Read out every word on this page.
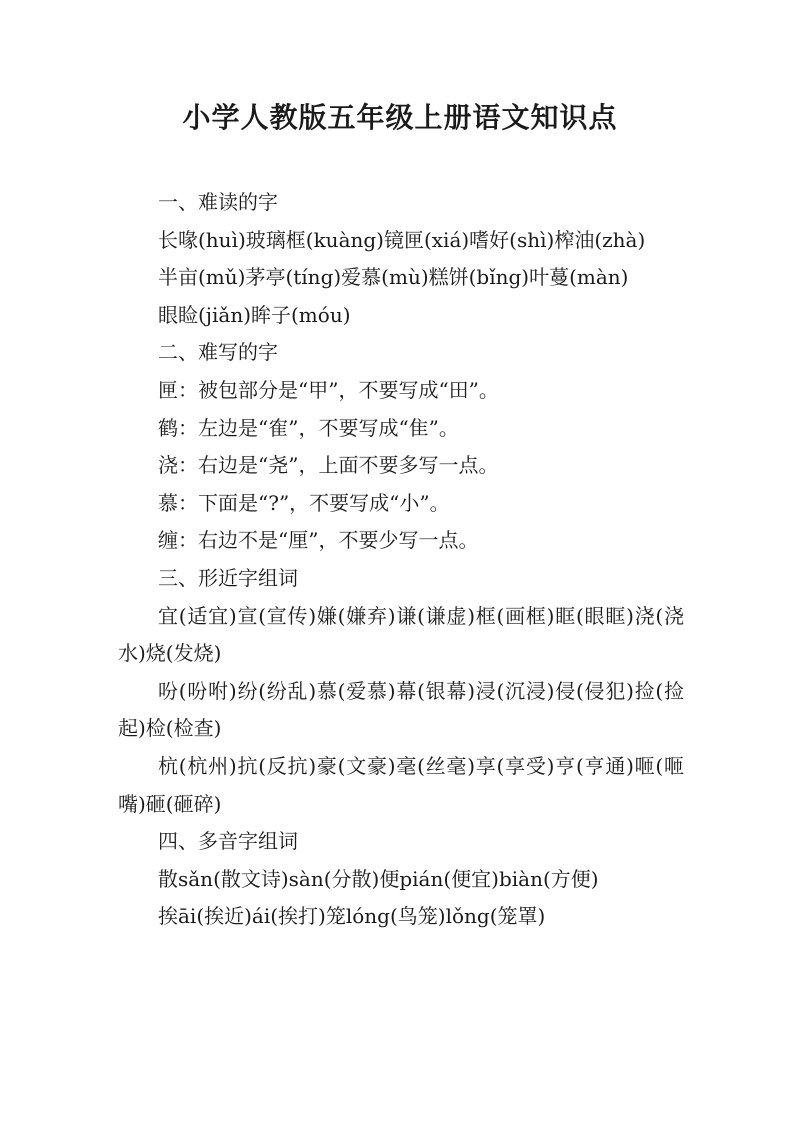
小学人教版五年级上册语文知识点

一、难读的字

长喙(huì)玻璃框(kuàng)镜匣(xiá)嗜好(shì)榨油(zhà)

半亩(mǔ)茅亭(tíng)爱慕(mù)糕饼(bǐng)叶蔓(màn)

眼睑(jiǎn)眸子(móu)

二、难写的字

匣：被包部分是“甲”，不要写成“田”。

鹤：左边是“隺”，不要写成“隹”。

浇：右边是“尧”，上面不要多写一点。

慕：下面是“?”，不要写成“小”。

缠：右边不是“厘”，不要少写一点。

三、形近字组词

宜(适宜)宣(宣传)嫌(嫌弃)谦(谦虚)框(画框)眶(眼眶)浇(浇水)烧(发烧)

吩(吩咐)纷(纷乱)慕(爱慕)幕(银幕)浸(沉浸)侵(侵犯)捡(捡起)检(检查)

杭(杭州)抗(反抗)豪(文豪)毫(丝毫)享(享受)亨(亨通)咂(咂嘴)砸(砸碎)

四、多音字组词

散sǎn(散文诗)sàn(分散)便pián(便宜)biàn(方便)

挨āi(挨近)ái(挨打)笼lóng(鸟笼)lǒng(笼罩)
